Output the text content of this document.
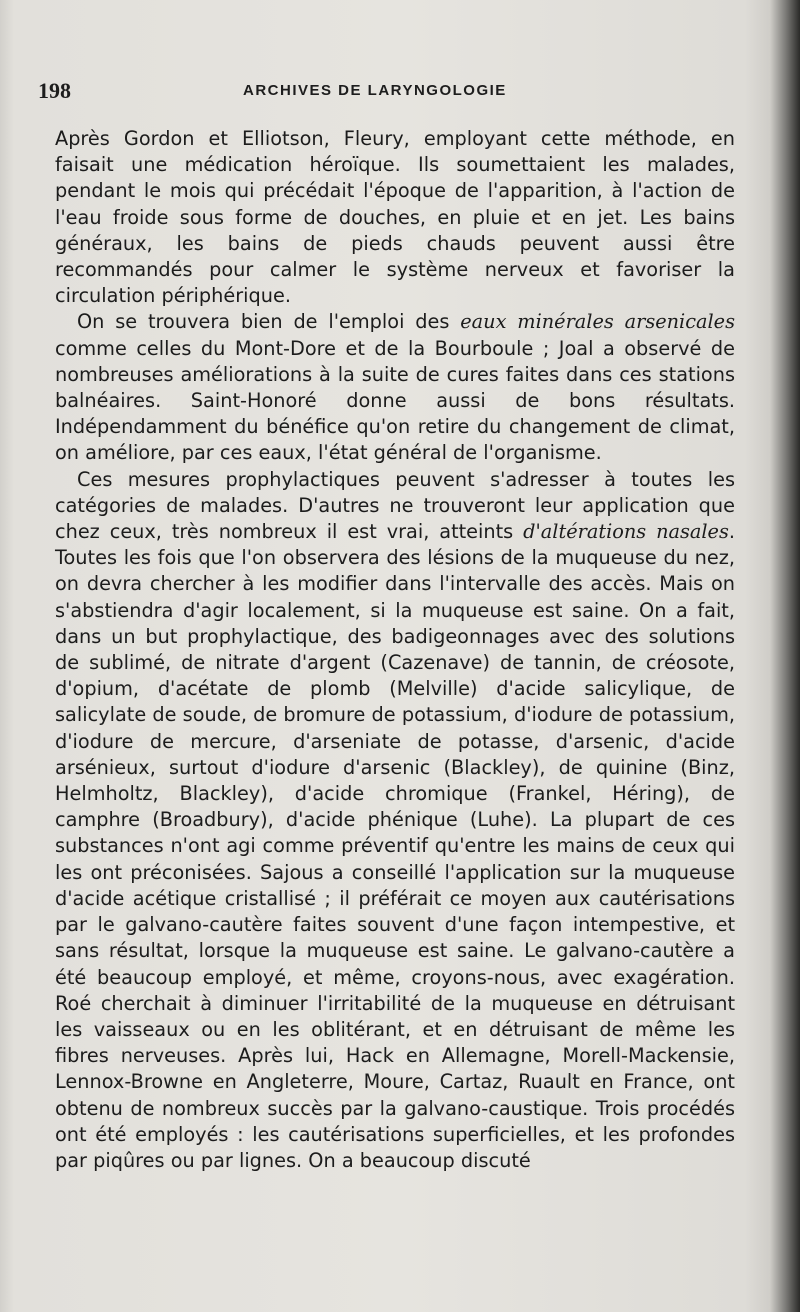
198	ARCHIVES DE LARYNGOLOGIE

Après Gordon et Elliotson, Fleury, employant cette méthode, en faisait une médication héroïque. Ils soumettaient les malades, pendant le mois qui précédait l'époque de l'apparition, à l'action de l'eau froide sous forme de douches, en pluie et en jet. Les bains généraux, les bains de pieds chauds peuvent aussi être recommandés pour calmer le système nerveux et favoriser la circulation périphérique.

On se trouvera bien de l'emploi des eaux minérales arsenicales comme celles du Mont-Dore et de la Bourboule ; Joal a observé de nombreuses améliorations à la suite de cures faites dans ces stations balnéaires. Saint-Honoré donne aussi de bons résultats. Indépendamment du bénéfice qu'on retire du changement de climat, on améliore, par ces eaux, l'état général de l'organisme.

Ces mesures prophylactiques peuvent s'adresser à toutes les catégories de malades. D'autres ne trouveront leur application que chez ceux, très nombreux il est vrai, atteints d'altérations nasales. Toutes les fois que l'on observera des lésions de la muqueuse du nez, on devra chercher à les modifier dans l'intervalle des accès. Mais on s'abstiendra d'agir localement, si la muqueuse est saine. On a fait, dans un but prophylactique, des badigeonnages avec des solutions de sublimé, de nitrate d'argent (Cazenave) de tannin, de créosote, d'opium, d'acétate de plomb (Melville) d'acide salicylique, de salicylate de soude, de bromure de potassium, d'iodure de potassium, d'iodure de mercure, d'arseniate de potasse, d'arsenic, d'acide arsénieux, surtout d'iodure d'arsenic (Blackley), de quinine (Binz, Helmholtz, Blackley), d'acide chromique (Frankel, Héring), de camphre (Broadbury), d'acide phénique (Luhe). La plupart de ces substances n'ont agi comme préventif qu'entre les mains de ceux qui les ont préconisées. Sajous a conseillé l'application sur la muqueuse d'acide acétique cristallisé ; il préférait ce moyen aux cautérisations par le galvano-cautère faites souvent d'une façon intempestive, et sans résultat, lorsque la muqueuse est saine. Le galvano-cautère a été beaucoup employé, et même, croyons-nous, avec exagération. Roé cherchait à diminuer l'irritabilité de la muqueuse en détruisant les vaisseaux ou en les oblitérant, et en détruisant de même les fibres nerveuses. Après lui, Hack en Allemagne, Morell-Mackensie, Lennox-Browne en Angleterre, Moure, Cartaz, Ruault en France, ont obtenu de nombreux succès par la galvano-caustique. Trois procédés ont été employés : les cautérisations superficielles, et les profondes par piqûres ou par lignes. On a beaucoup discuté
